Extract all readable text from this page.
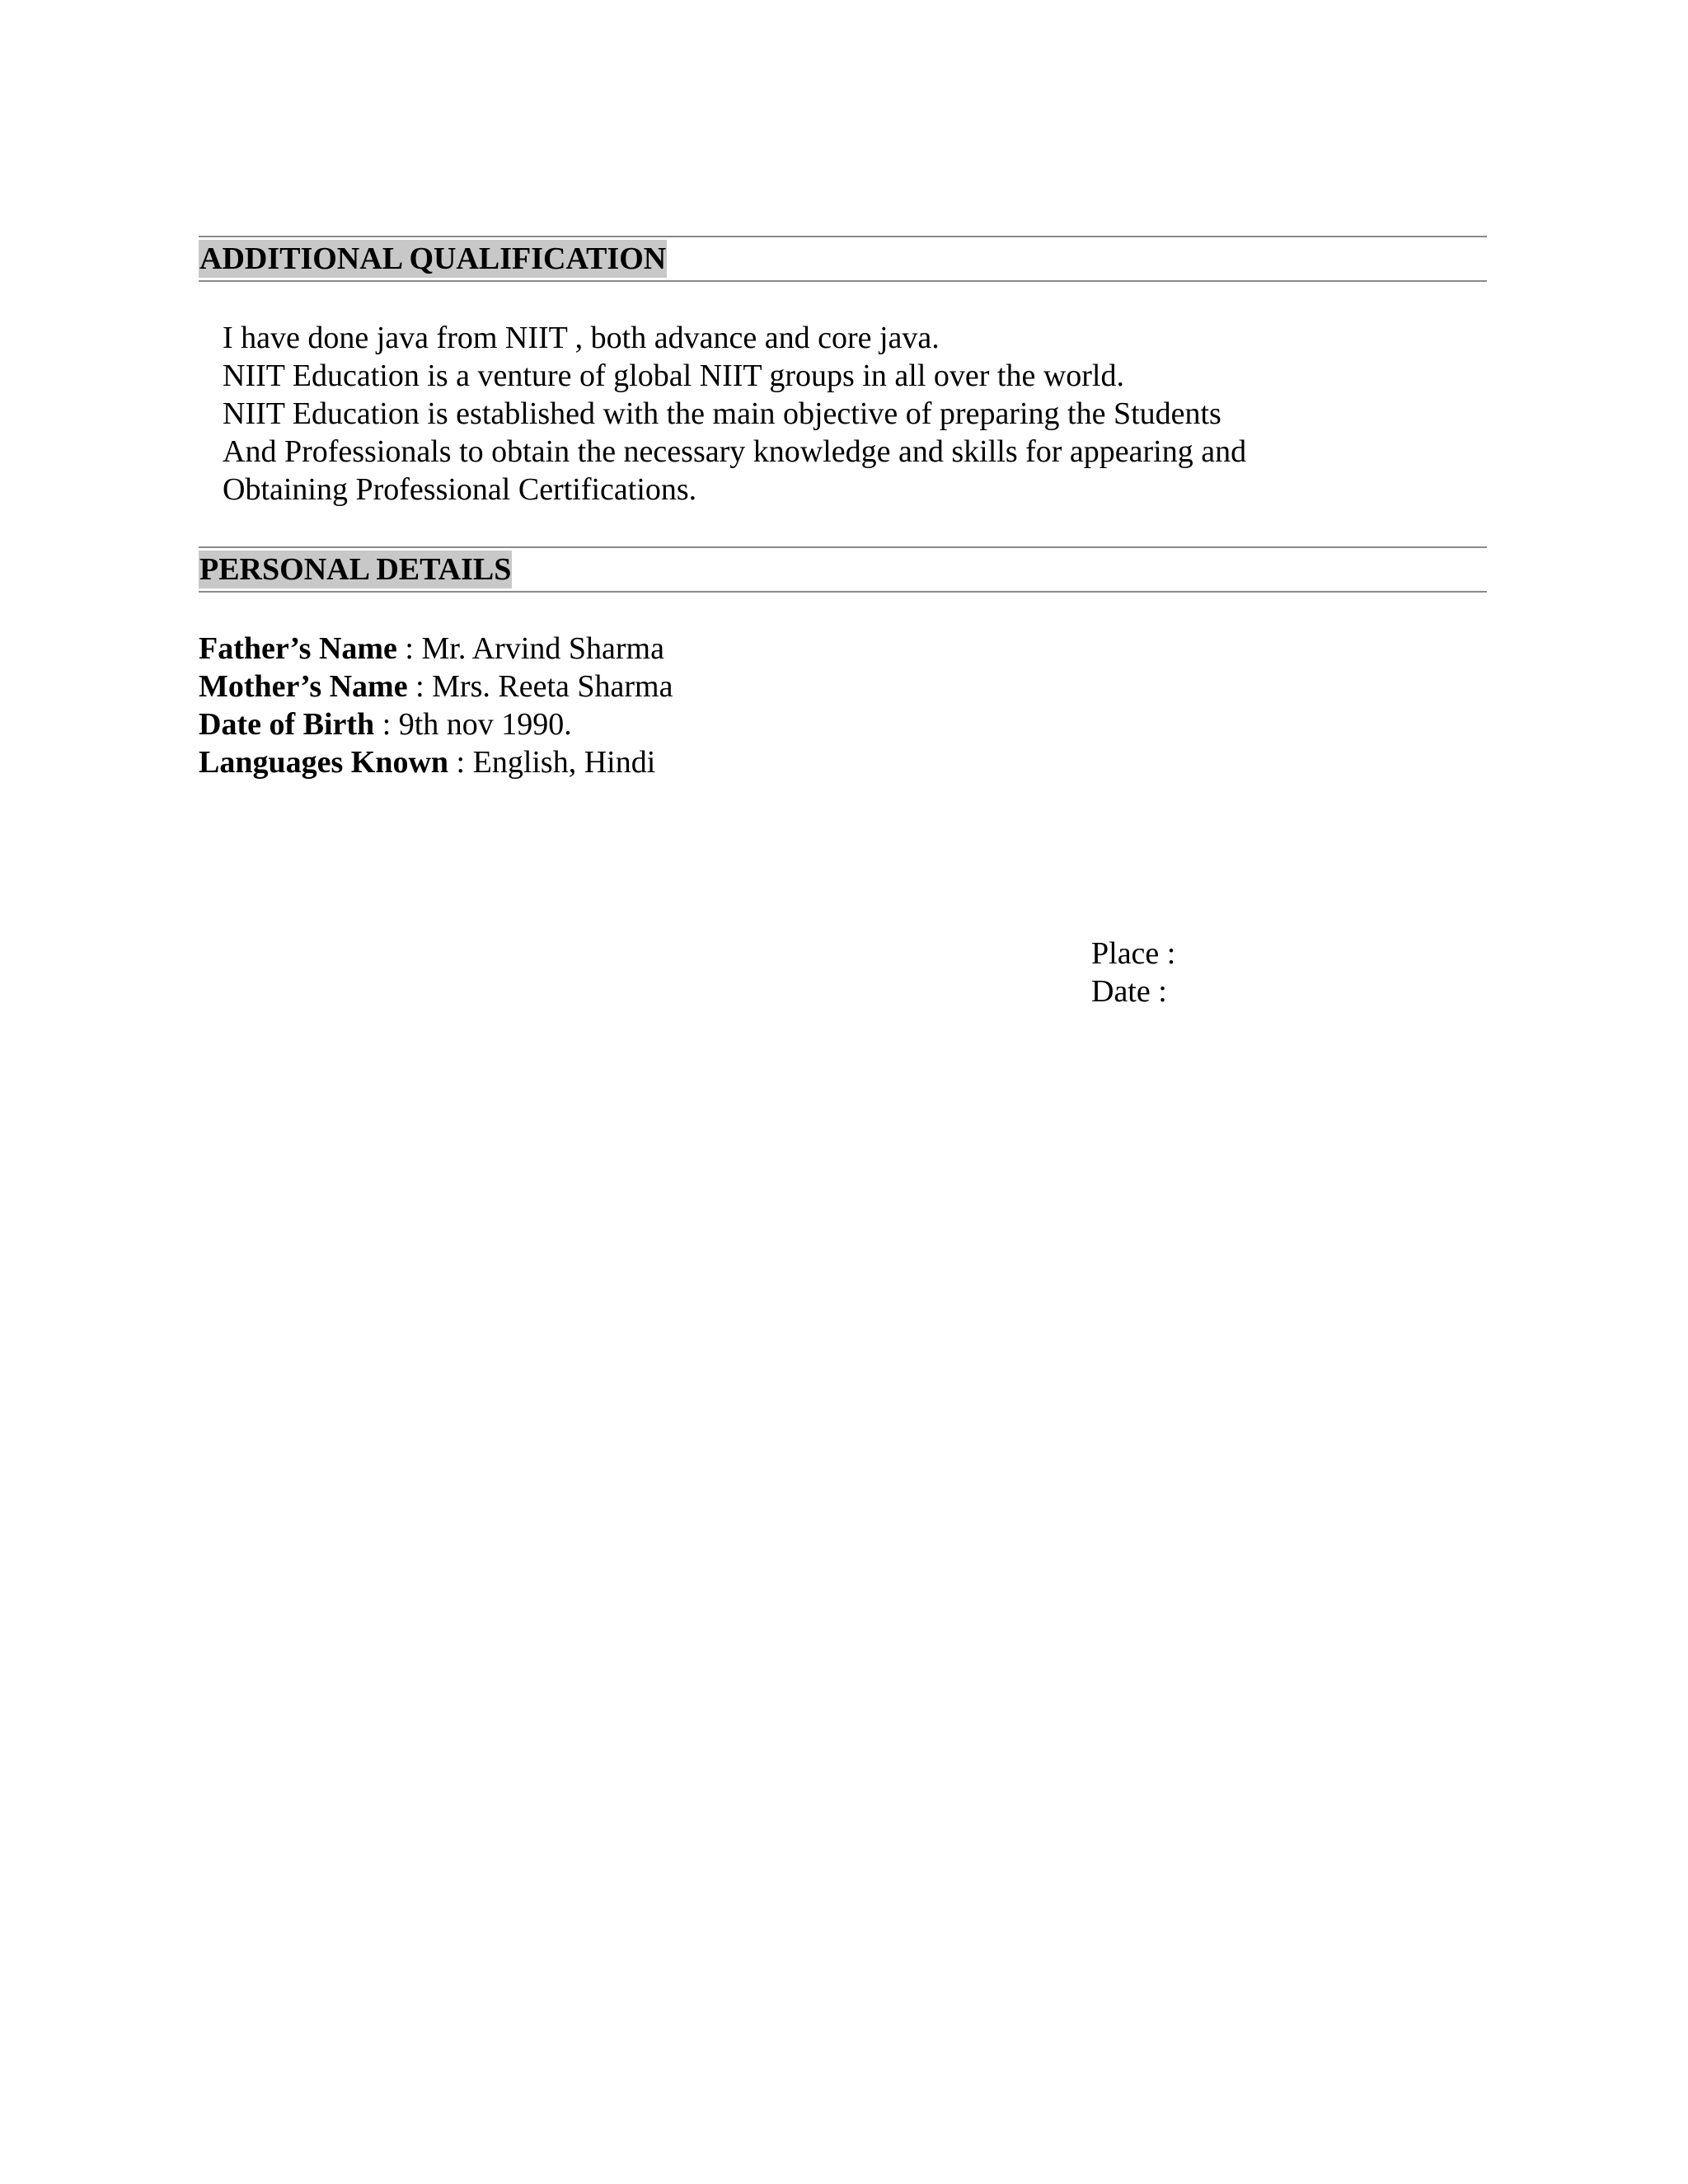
ADDITIONAL QUALIFICATION
I have done java from NIIT , both advance and core java.
NIIT Education is a venture of global NIIT groups in all over the world.
NIIT Education is established with the main objective of preparing the Students
And Professionals to obtain the necessary knowledge and skills for appearing and
Obtaining Professional Certifications.
PERSONAL DETAILS
Father’s Name : Mr. Arvind Sharma
Mother’s Name : Mrs. Reeta Sharma
Date of Birth : 9th nov 1990.
Languages Known : English, Hindi
Place :
Date :
